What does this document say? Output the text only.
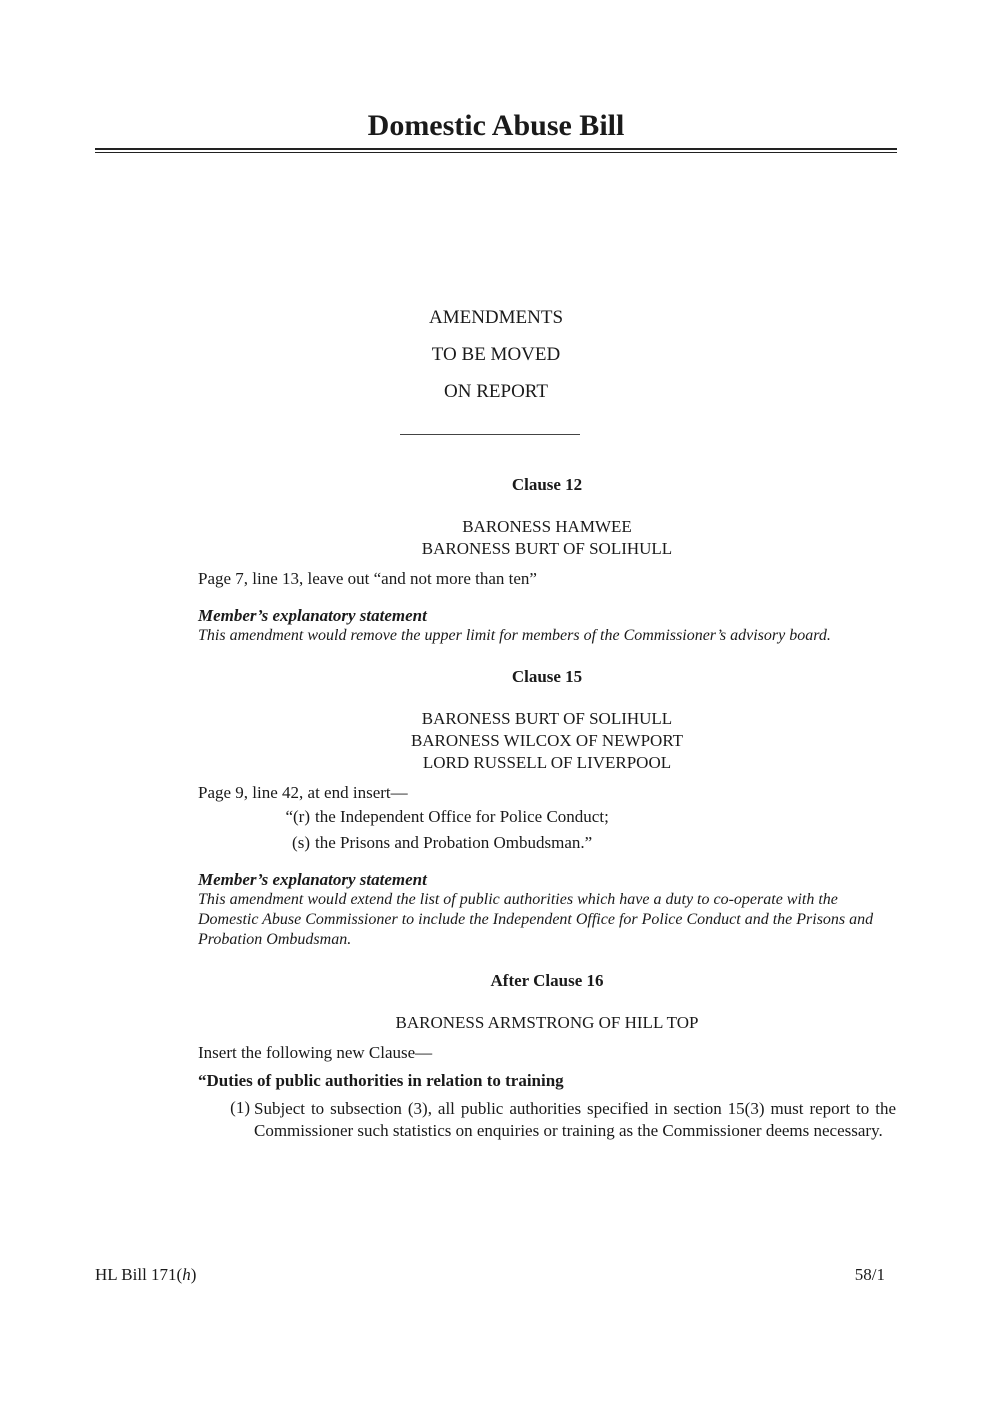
Domestic Abuse Bill
AMENDMENTS
TO BE MOVED
ON REPORT
Clause 12
BARONESS HAMWEE
BARONESS BURT OF SOLIHULL
Page 7, line 13, leave out “and not more than ten”
Member’s explanatory statement
This amendment would remove the upper limit for members of the Commissioner’s advisory board.
Clause 15
BARONESS BURT OF SOLIHULL
BARONESS WILCOX OF NEWPORT
LORD RUSSELL OF LIVERPOOL
Page 9, line 42, at end insert—
“(r) the Independent Office for Police Conduct;
(s) the Prisons and Probation Ombudsman.”
Member’s explanatory statement
This amendment would extend the list of public authorities which have a duty to co-operate with the Domestic Abuse Commissioner to include the Independent Office for Police Conduct and the Prisons and Probation Ombudsman.
After Clause 16
BARONESS ARMSTRONG OF HILL TOP
Insert the following new Clause—
“Duties of public authorities in relation to training
(1) Subject to subsection (3), all public authorities specified in section 15(3) must report to the Commissioner such statistics on enquiries or training as the Commissioner deems necessary.
HL Bill 171(h)	58/1
